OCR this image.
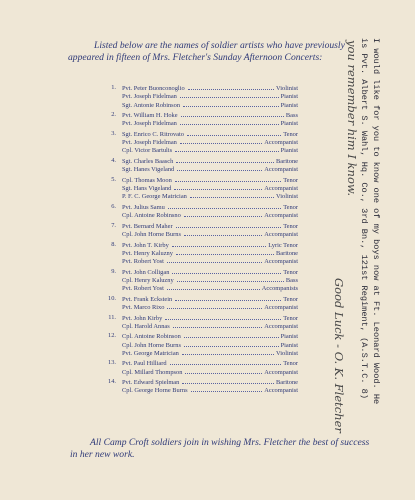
Listed below are the names of soldier artists who have previously appeared in fifteen of Mrs. Fletcher's Sunday Afternoon Concerts:

1. Pvt. Peter Buonconoglio	Violinist
Pvt. Joseph Fidelman	Pianist
Sgt. Antonie Robinson	Pianist
2. Pvt. William H. Hoke	Bass
Pvt. Joseph Fidelman	Pianist
3. Sgt. Enrico C. Ritrovato	Tenor
Pvt. Joseph Fidelman	Accompanist
Cpl. Victor Bartulis	Pianist
4. Sgt. Charles Baasch	Baritone
Sgt. Hanes Vigeland	Accompanist
5. Cpl. Thomas Moon	Tenor
Sgt. Hans Vigeland	Accompanist
P. F. C. George Matrician	Violinist
6. Pvt. Julius Samu	Tenor
Cpl. Antoine Robinsno	Accompanist
7. Pvt. Bernard Maher	Tenor
Cpl. John Horne Burns	Accompanist
8. Pvt. John T. Kirby	Lyric Tenor
Pvt. Henry Kaluzny	Baritone
Pvt. Robert Yost	Accompanist
9. Pvt. John Colligan	Tenor
Cpl. Henry Kaluzny	Bass
Pvt. Robert Yost	Accompanists
10. Pvt. Frank Eckstein	Tenor
Pvt. Marco Rixo	Accompanist
11. Pvt. John Kirby	Tenor
Cpl. Harold Annas	Accompanist
12. Cpl. Antoine Robinson	Pianist
Cpl. John Horne Burns	Pianist
Pvt. George Matrician	Violinist
13. Pvt. Paul Hilliard	Tenor
Cpl. Millard Thompson	Accompanist
14. Pvt. Edward Spielman	Baritone
Cpl. George Horne Burns	Accompanist

All Camp Croft soldiers join in wishing Mrs. Fletcher the best of success in her new work.

I would like for you to know one of my boys now at Ft. Leonard Wood. He
is Pvt. Albert S. Wahl, Hq. Co., 3rd Bn., 121st Regiment, (A.S.T.C. 8)
you remember him I know.
Good Luck - O. K. Fletcher
